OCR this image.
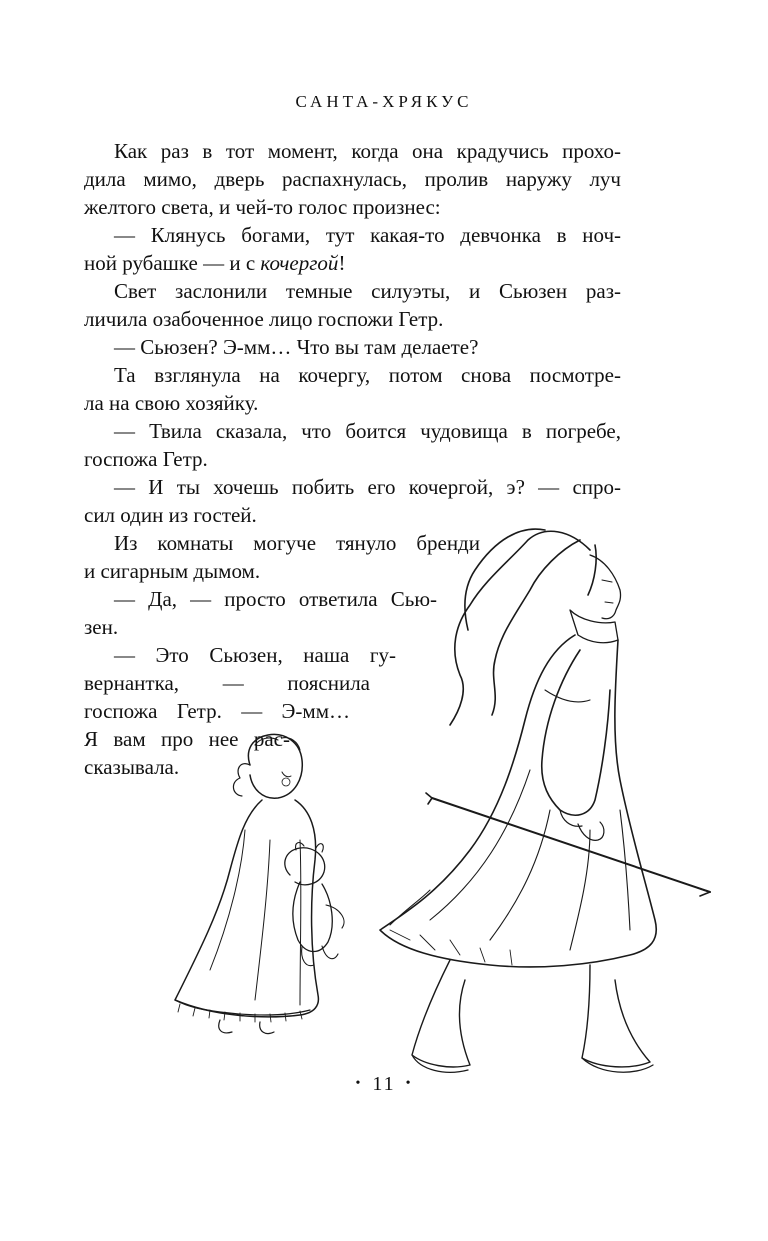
САНТА-ХРЯКУС
Как раз в тот момент, когда она крадучись прохо-
дила мимо, дверь распахнулась, пролив наружу луч
желтого света, и чей-то голос произнес:
— Клянусь богами, тут какая-то девчонка в ноч-
ной рубашке — и с кочергой!
Свет заслонили темные силуэты, и Сьюзен раз-
личила озабоченное лицо госпожи Гетр.
— Сьюзен? Э-мм… Что вы там делаете?
Та взглянула на кочергу, потом снова посмотре-
ла на свою хозяйку.
— Твила сказала, что боится чудовища в погребе,
госпожа Гетр.
— И ты хочешь побить его кочергой, э? — спро-
сил один из гостей.
Из комнаты могуче тянуло бренди
и сигарным дымом.
— Да, — просто ответила Сью-
зен.
— Это Сьюзен, наша гу-
вернантка, — пояснила
госпожа Гетр. — Э-мм…
Я вам про нее рас-
сказывала.
• 11 •
